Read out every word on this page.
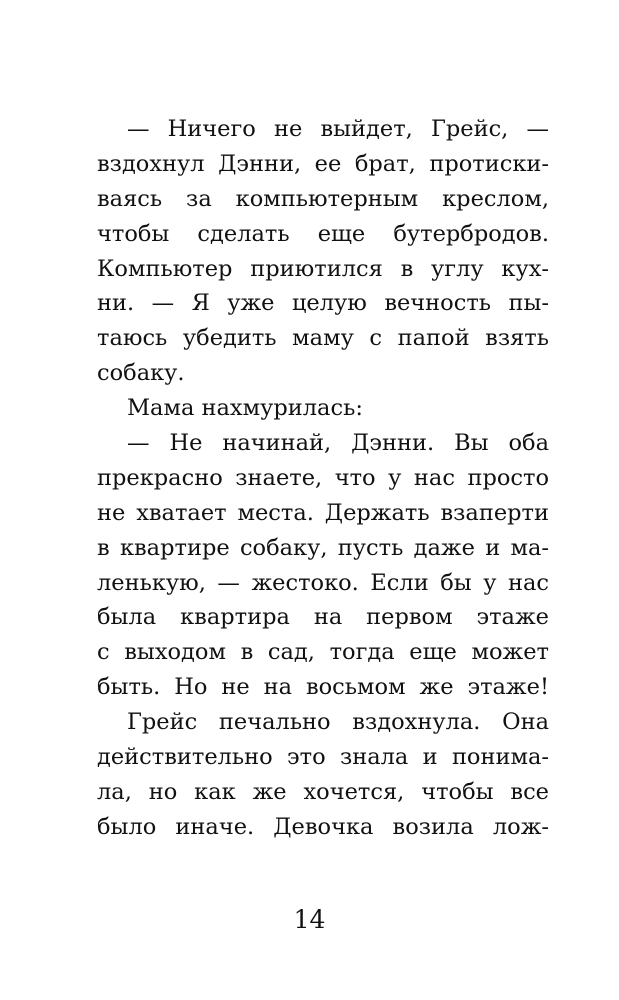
— Ничего не выйдет, Грейс, —
вздохнул Дэнни, ее брат, протиски-
ваясь за компьютерным креслом,
чтобы сделать еще бутербродов.
Компьютер приютился в углу кух-
ни. — Я уже целую вечность пы-
таюсь убедить маму с папой взять
собаку.
Мама нахмурилась:
— Не начинай, Дэнни. Вы оба
прекрасно знаете, что у нас просто
не хватает места. Держать взаперти
в квартире собаку, пусть даже и ма-
ленькую, — жестоко. Если бы у нас
была квартира на первом этаже
с выходом в сад, тогда еще может
быть. Но не на восьмом же этаже!
Грейс печально вздохнула. Она
действительно это знала и понима-
ла, но как же хочется, чтобы все
было иначе. Девочка возила лож-
14
